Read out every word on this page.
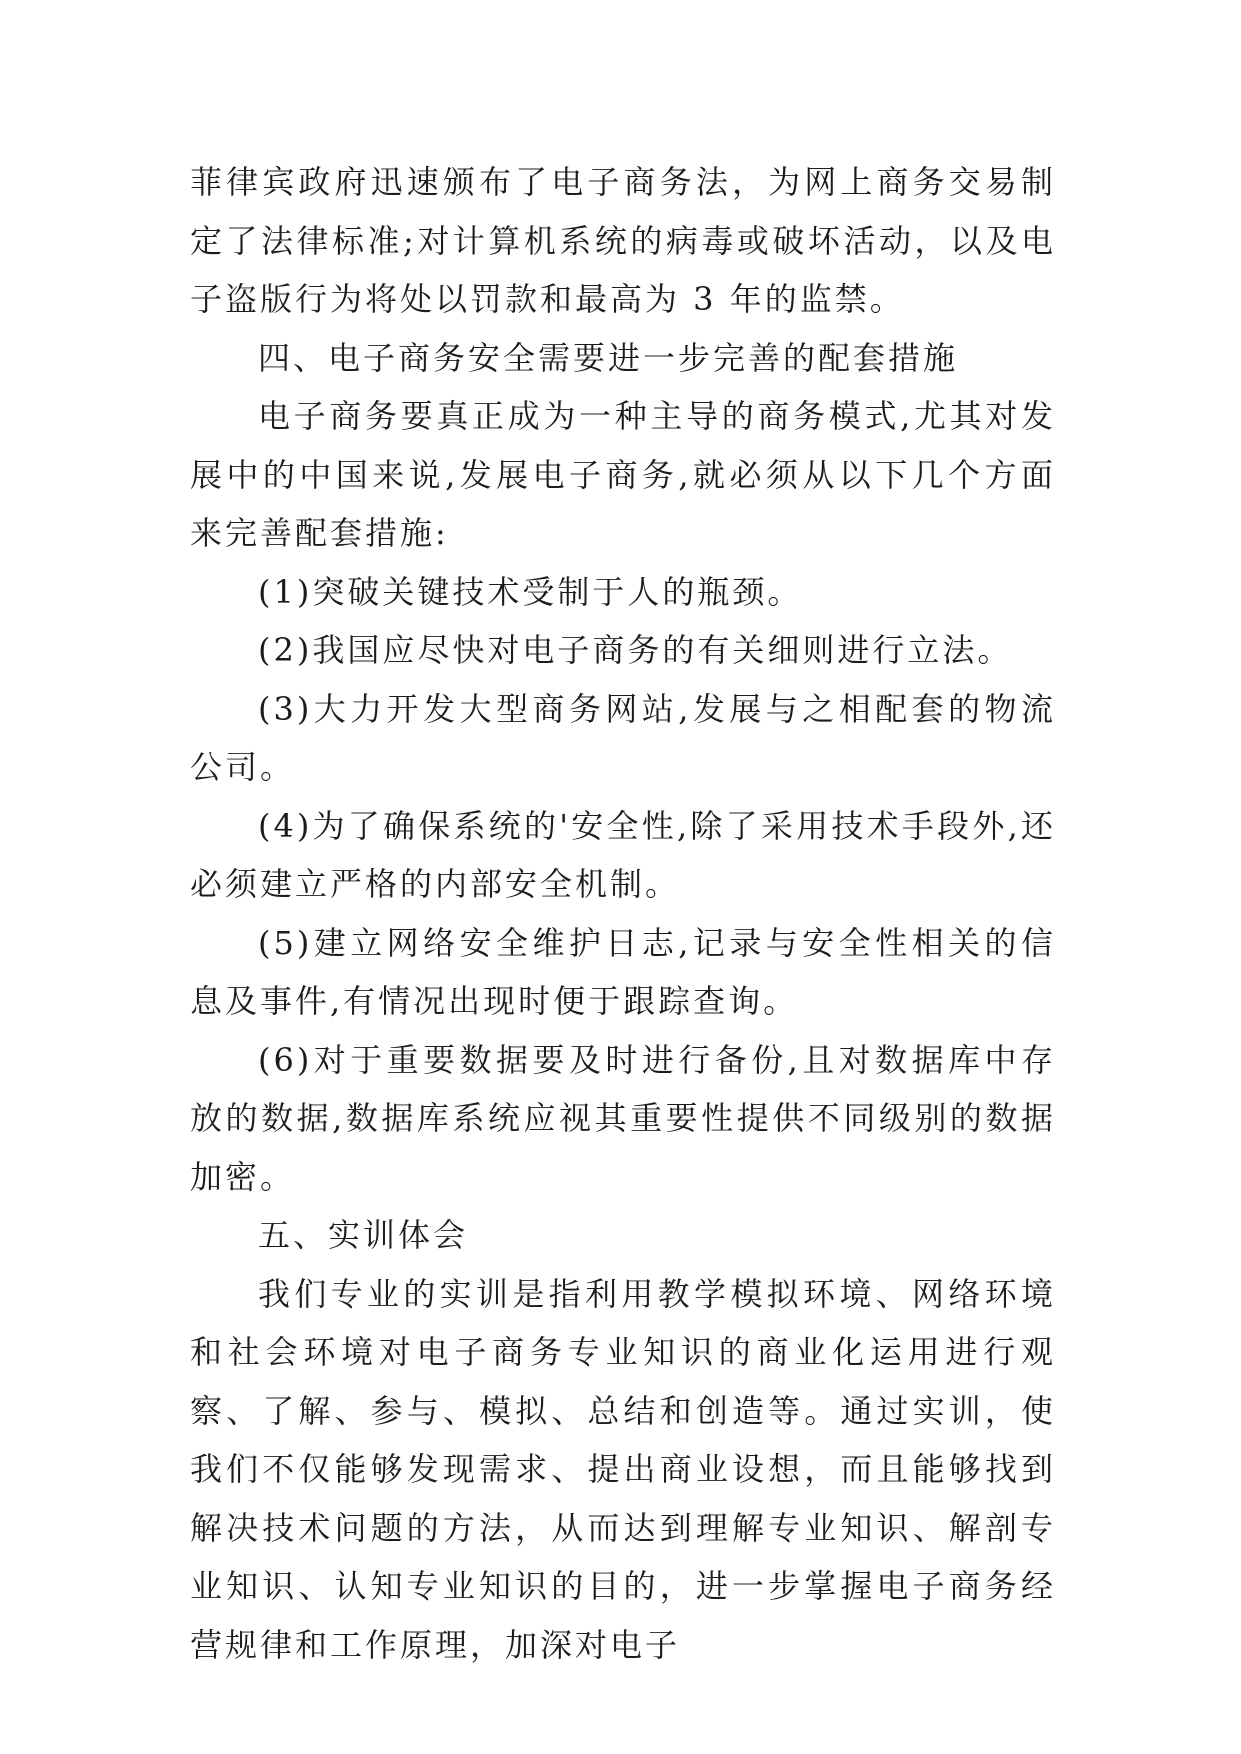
菲律宾政府迅速颁布了电子商务法，为网上商务交易制定了法律标准;对计算机系统的病毒或破坏活动，以及电子盗版行为将处以罚款和最高为 3 年的监禁。

四、电子商务安全需要进一步完善的配套措施

电子商务要真正成为一种主导的商务模式,尤其对发展中的中国来说,发展电子商务,就必须从以下几个方面来完善配套措施:

(1)突破关键技术受制于人的瓶颈。

(2)我国应尽快对电子商务的有关细则进行立法。

(3)大力开发大型商务网站,发展与之相配套的物流公司。

(4)为了确保系统的'安全性,除了采用技术手段外,还必须建立严格的内部安全机制。

(5)建立网络安全维护日志,记录与安全性相关的信息及事件,有情况出现时便于跟踪查询。

(6)对于重要数据要及时进行备份,且对数据库中存放的数据,数据库系统应视其重要性提供不同级别的数据加密。

五、实训体会

我们专业的实训是指利用教学模拟环境、网络环境和社会环境对电子商务专业知识的商业化运用进行观察、了解、参与、模拟、总结和创造等。通过实训，使我们不仅能够发现需求、提出商业设想，而且能够找到解决技术问题的方法，从而达到理解专业知识、解剖专业知识、认知专业知识的目的，进一步掌握电子商务经营规律和工作原理，加深对电子
